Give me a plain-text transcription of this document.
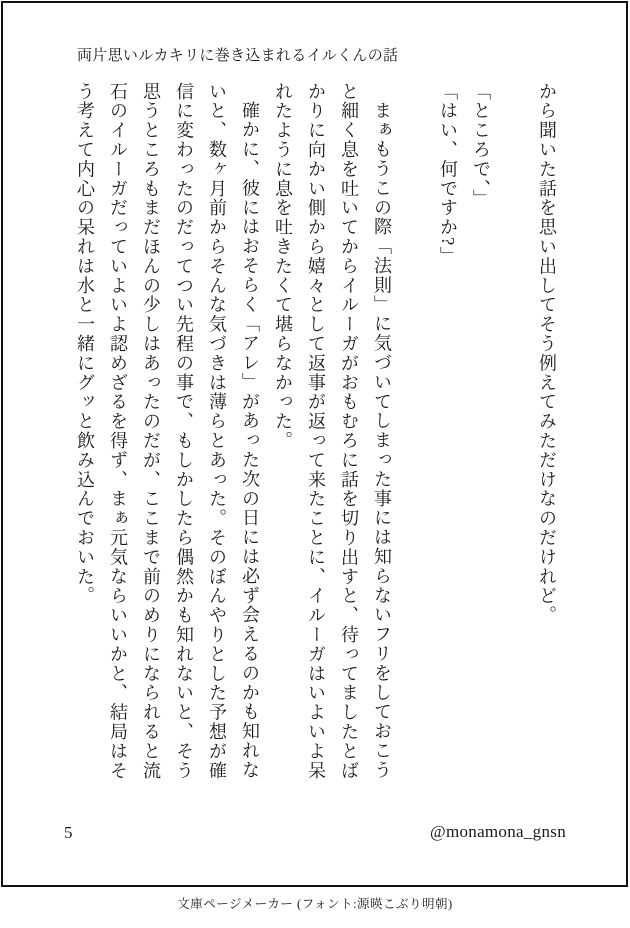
両片思いルカキリに巻き込まれるイルくんの話
から聞いた話を思い出してそう例えてみただけなのだけれど。
「ところで、」
「はい、何ですか?」
まぁもうこの際「法則」に気づいてしまった事には知らないフリをしておこう
と細く息を吐いてからイルーガがおもむろに話を切り出すと、待ってましたとば
かりに向かい側から嬉々として返事が返って来たことに、イルーガはいよいよ呆
れたように息を吐きたくて堪らなかった。
確かに、彼にはおそらく「アレ」があった次の日には必ず会えるのかも知れな
いと、数ヶ月前からそんな気づきは薄らとあった。そのぼんやりとした予想が確
信に変わったのだってつい先程の事で、もしかしたら偶然かも知れないと、そう
思うところもまだほんの少しはあったのだが、ここまで前のめりになられると流
石のイルーガだっていよいよ認めざるを得ず、まぁ元気ならいいかと、結局はそ
う考えて内心の呆れは水と一緒にグッと飲み込んでおいた。
5	@monamona_gnsn
文庫ページメーカー (フォント:源暎こぶり明朝)
